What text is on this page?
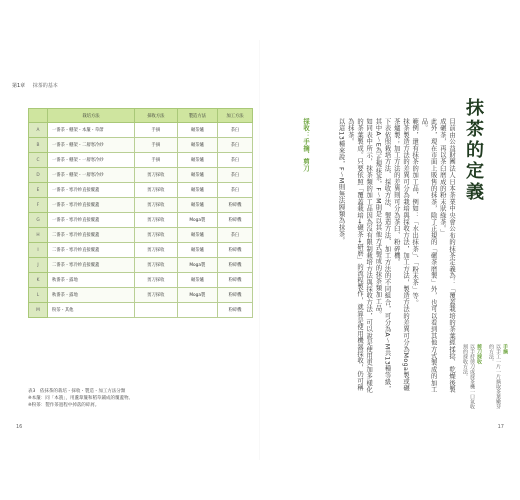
第1章 抹茶的基本
	栽培方法	採收方法	製造方法	加工方法
A	一番茶・棚架・本簾・草蓆	手摘	碾茶爐	茶臼
B	一番茶・棚架・二層寒冷紗	手摘	碾茶爐	茶臼
C	一番茶・棚架・一層寒冷紗	手摘	碾茶爐	茶臼
D	一番茶・棚架・一層寒冷紗	剪刀採收	碾茶爐	茶臼
E	一番茶・寒冷紗直接覆蓋	剪刀採收	碾茶爐	茶臼
F	一番茶・寒冷紗直接覆蓋	剪刀採收	碾茶爐	粉碎機
G	一番茶・寒冷紗直接覆蓋	剪刀採收	Moga製	粉碎機
H	二番茶・寒冷紗直接覆蓋	剪刀採收	碾茶爐	茶臼
I	二番茶・寒冷紗直接覆蓋	剪刀採收	碾茶爐	粉碎機
J	二番茶・寒冷紗直接覆蓋	剪刀採收	Moga製	粉碎機
K	秋番茶・露地	剪刀採收	碾茶爐	粉碎機
L	秋番茶・露地	剪刀採收	Moga製	粉碎機
M	粉茶・其他			粉碎機
表3　依抹茶的栽培・採收・製造・加工方法分類
※本簾：同「本簀」，用蘆葦簾和稻草鋪成的覆蓋物。
※粉茶：製作茶過程中掉落的碎屑。
16
抹茶的定義

目前由公益財團法人日本茶業中央會公布的抹茶定義為：「覆蓋栽培的茶葉經揉捻、乾燥後製成碾茶，再以茶臼磨成的粉末狀綠茶。」

此外，現在市面上販售的抹茶，除了正規的「碾茶磨製」外，也可以看到其他方式製成的加工品。

範例，還有抹茶的加工品，例如：「水出抹茶」、「粉末茶」等。

抹茶製造方法的差異可分為栽培與採收方法，加工方法，製造方法的差異可分為Moga製或碾茶爐製；加工方法的差異則可分為茶臼、粉碎機。

下表依照栽培方法、採收方法、製造方法、加工方法的不同組合，可分為A～M共13種等級，其中A～E為正規抹茶，F～M則是以其他方式製成的抹茶類加工品。

如同表中所示，抹茶類的加工品因為沒有限制栽培方法與採收方法，可以說是使用更加多樣化的茶葉製成。只要依照「覆蓋栽培→碾茶→研磨」的流程製作，就算是使用機器採收，仍可稱為抹茶。

以這13種來說，F～M則無法歸類為抹茶。

採收：手摘、剪刀
手摘
以手工一片一片摘取茶葉嫩芽的方法。
剪刀採收
以手持剪刀或採茶機一口氣收割的採收方法。
17
